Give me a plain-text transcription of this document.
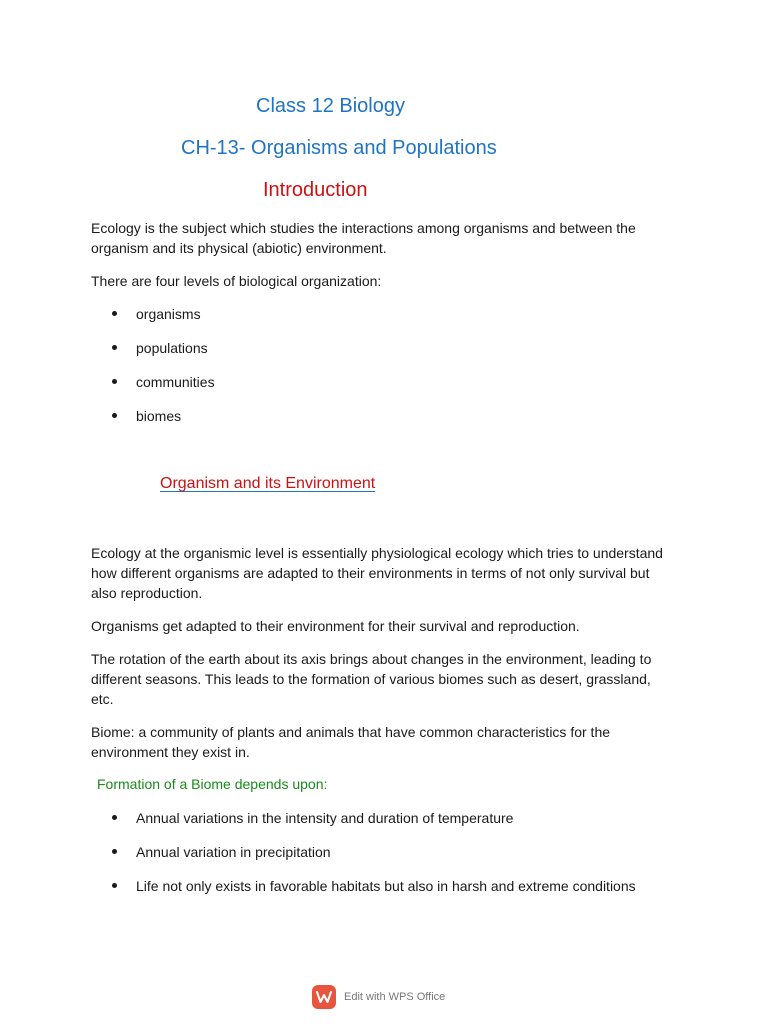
Class 12 Biology
CH-13- Organisms and Populations
Introduction
Ecology is the subject which studies the interactions among organisms and between the
organism and its physical (abiotic) environment.
There are four levels of biological organization:
organisms
populations
communities
biomes
Organism and its Environment
Ecology at the organismic level is essentially physiological ecology which tries to understand
how different organisms are adapted to their environments in terms of not only survival but
also reproduction.
Organisms get adapted to their environment for their survival and reproduction.
The rotation of the earth about its axis brings about changes in the environment, leading to
different seasons. This leads to the formation of various biomes such as desert, grassland,
etc.
Biome: a community of plants and animals that have common characteristics for the
environment they exist in.
Formation of a Biome depends upon:
Annual variations in the intensity and duration of temperature
Annual variation in precipitation
Life not only exists in favorable habitats but also in harsh and extreme conditions
Edit with WPS Office
